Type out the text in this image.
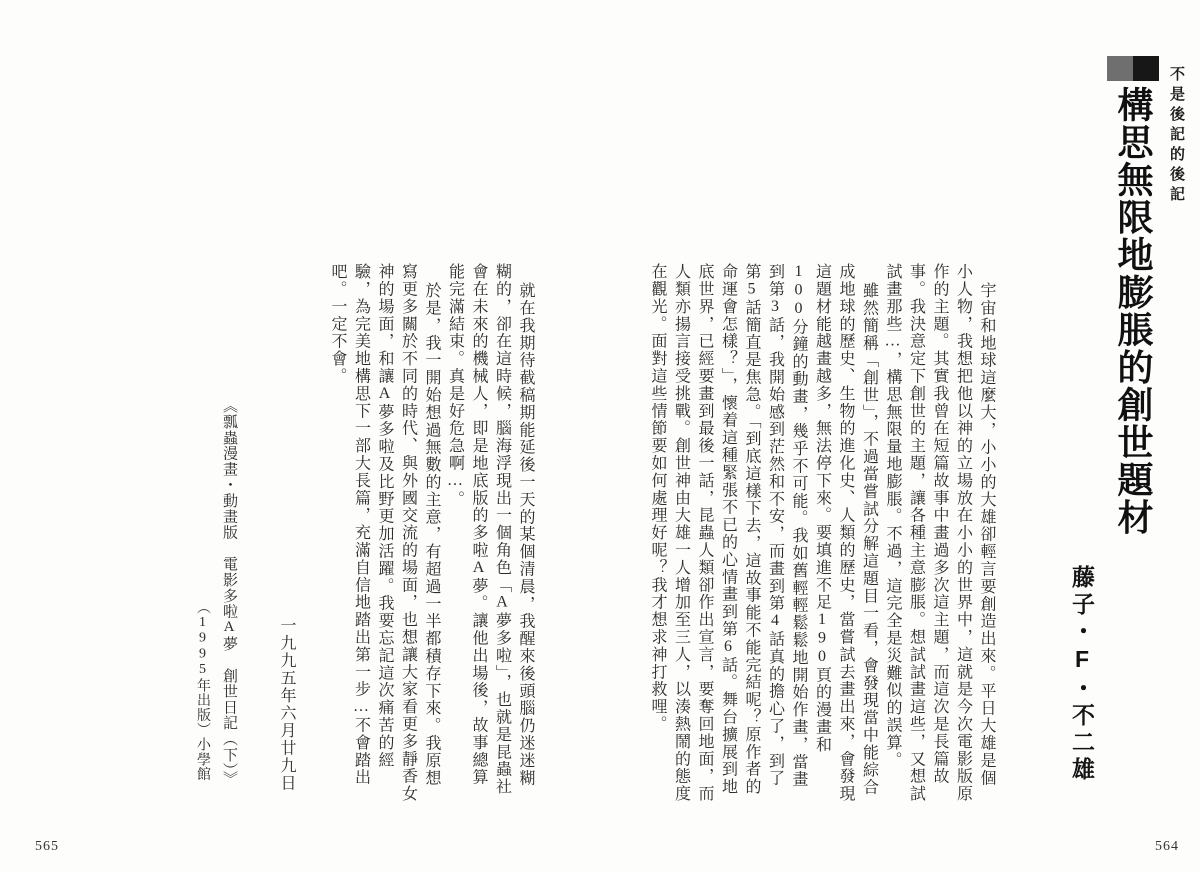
就在我期待截稿期能延後一天的某個清晨，我醒來後頭腦仍迷迷糊糊的，卻在這時候，腦海浮現出一個角色「A夢多啦」，也就是昆蟲社會在未來的機械人，即是地底版的多啦A夢。讓他出場後，故事總算能完滿結束。真是好危急啊…。

於是，我一開始想過無數的主意，有超過一半都積存下來。我原想寫更多關於不同的時代、與外國交流的場面，也想讓大家看更多靜香女神的場面，和讓A夢多啦及比野更加活躍。我要忘記這次痛苦的經驗，為完美地構思下一部大長篇，充滿自信地踏出第一步…不會踏出吧。一定不會。

一九九五年六月廿九日
《瓢蟲漫畫・動畫版　電影多啦A夢　創世日記（下）》
（1995年出版）小學館
565
不是後記的後記
構思無限地膨脹的創世題材
藤子・F・不二雄

宇宙和地球這麼大，小小的大雄卻輕言要創造出來。平日大雄是個小人物，我想把他以神的立場放在小小的世界中，這就是今次電影版原作的主題。其實我曾在短篇故事中畫過多次這主題，而這次是長篇故事。我決意定下創世的主題，讓各種主意膨脹。想試試畫這些，又想試試畫那些…，構思無限量地膨脹。不過，這完全是災難似的誤算。

雖然簡稱「創世」，不過當嘗試分解這題目一看，會發現當中能綜合成地球的歷史、生物的進化史、人類的歷史，當嘗試去畫出來，會發現這題材能越畫越多，無法停下來。要填進不足190頁的漫畫和100分鐘的動畫，幾乎不可能。我如舊輕輕鬆鬆地開始作畫，當畫到第3話，我開始感到茫然和不安，而畫到第4話真的擔心了，到了第5話簡直是焦急。「到底這樣下去，這故事能不能完結呢？原作者的命運會怎樣？」，懷着這種緊張不已的心情畫到第6話。舞台擴展到地底世界，已經要畫到最後一話，昆蟲人類卻作出宣言，要奪回地面，而人類亦揚言接受挑戰。創世神由大雄一人增加至三人，以湊熱鬧的態度在觀光。面對這些情節要如何處理好呢？我才想求神打救哩。

564
